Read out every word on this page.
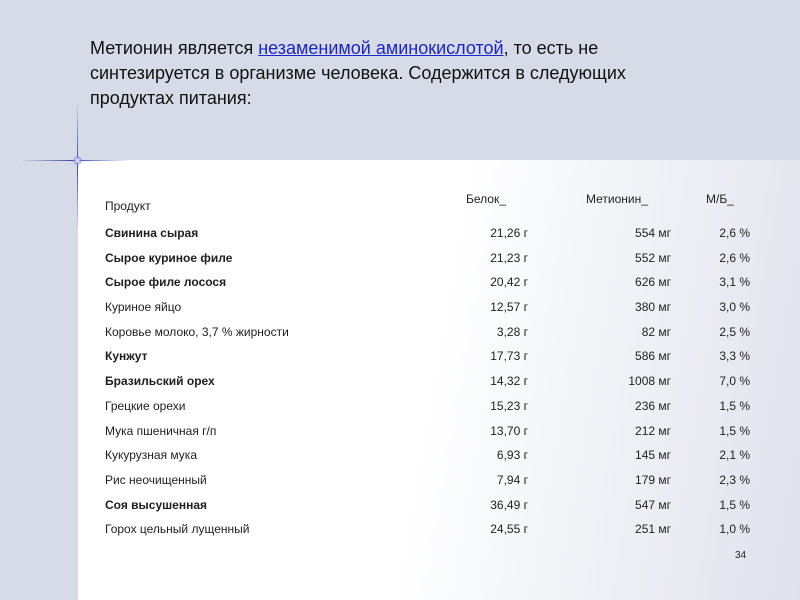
Метионин является незаменимой аминокислотой, то есть не синтезируется в организме человека. Содержится в следующих продуктах питания:
Продукт	Белок_	Метионин_	М/Б_
Свинина сырая	21,26 г	554 мг	2,6 %
Сырое куриное филе	21,23 г	552 мг	2,6 %
Сырое филе лосося	20,42 г	626 мг	3,1 %
Куриное яйцо	12,57 г	380 мг	3,0 %
Коровье молоко, 3,7 % жирности	3,28 г	82 мг	2,5 %
Кунжут	17,73 г	586 мг	3,3 %
Бразильский орех	14,32 г	1008 мг	7,0 %
Грецкие орехи	15,23 г	236 мг	1,5 %
Мука пшеничная г/п	13,70 г	212 мг	1,5 %
Кукурузная мука	6,93 г	145 мг	2,1 %
Рис неочищенный	7,94 г	179 мг	2,3 %
Соя высушенная	36,49 г	547 мг	1,5 %
Горох цельный лущенный	24,55 г	251 мг	1,0 %
34
